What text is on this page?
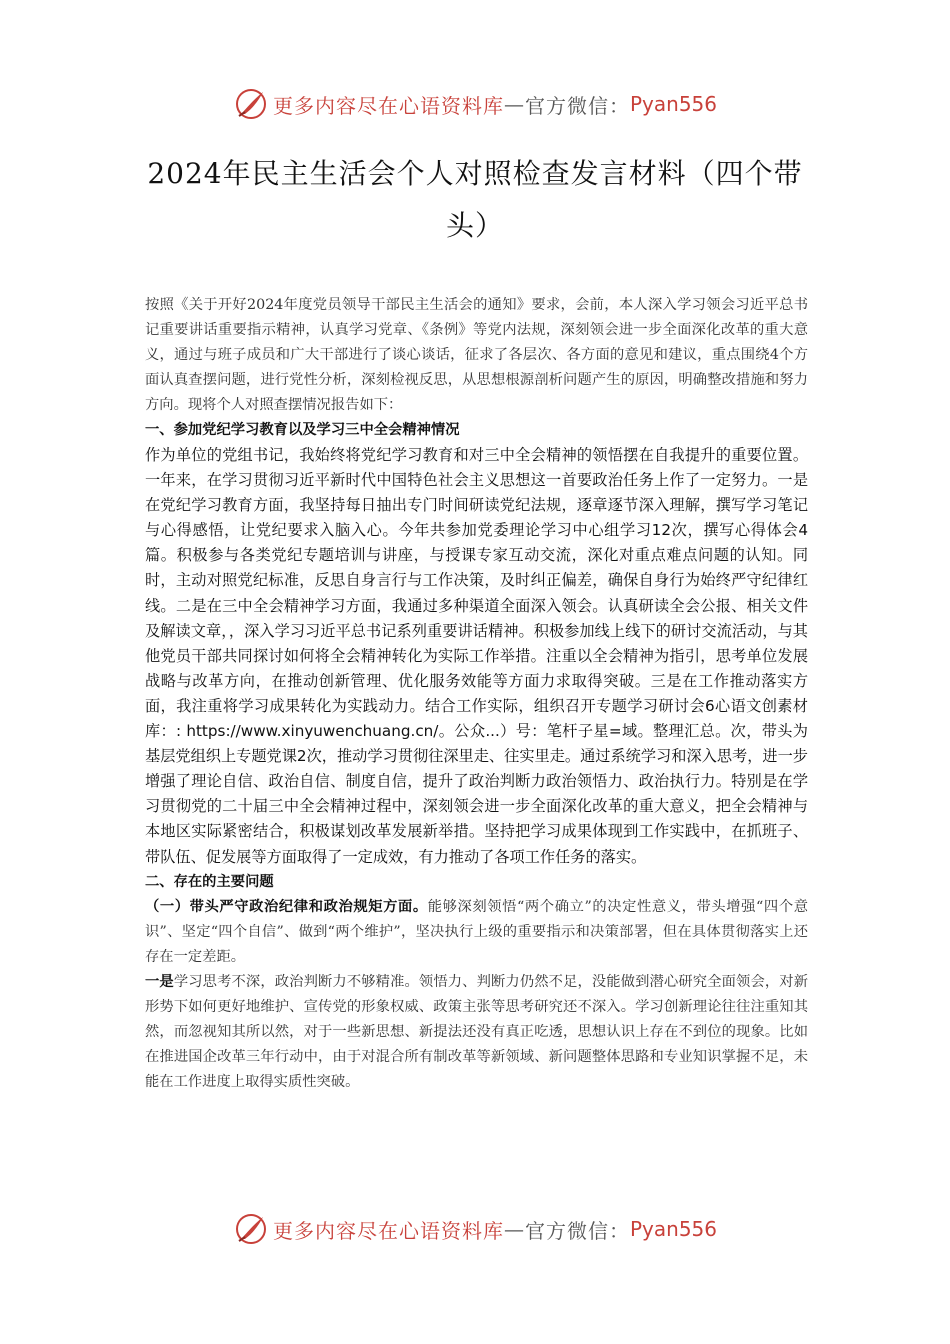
更多内容尽在心语资料库 — 官方微信： Pyan556
2024年民主生活会个人对照检查发言材料（四个带头）

按照《关于开好2024年度党员领导干部民主生活会的通知》要求，会前，本人深入学习领会习近平总书记重要讲话重要指示精神，认真学习党章、《条例》等党内法规，深刻领会进一步全面深化改革的重大意义，通过与班子成员和广大干部进行了谈心谈话，征求了各层次、各方面的意见和建议，重点围绕4个方面认真查摆问题，进行党性分析，深刻检视反思，从思想根源剖析问题产生的原因，明确整改措施和努力方向。现将个人对照查摆情况报告如下：

一、参加党纪学习教育以及学习三中全会精神情况

作为单位的党组书记，我始终将党纪学习教育和对三中全会精神的领悟摆在自我提升的重要位置。一年来，在学习贯彻习近平新时代中国特色社会主义思想这一首要政治任务上作了一定努力。一是在党纪学习教育方面，我坚持每日抽出专门时间研读党纪法规，逐章逐节深入理解，撰写学习笔记与心得感悟，让党纪要求入脑入心。今年共参加党委理论学习中心组学习12次，撰写心得体会4篇。积极参与各类党纪专题培训与讲座，与授课专家互动交流，深化对重点难点问题的认知。同时，主动对照党纪标准，反思自身言行与工作决策，及时纠正偏差，确保自身行为始终严守纪律红线。二是在三中全会精神学习方面，我通过多种渠道全面深入领会。认真研读全会公报、相关文件及解读文章，，深入学习习近平总书记系列重要讲话精神。积极参加线上线下的研讨交流活动，与其他党员干部共同探讨如何将全会精神转化为实际工作举措。注重以全会精神为指引，思考单位发展战略与改革方向，在推动创新管理、优化服务效能等方面力求取得突破。三是在工作推动落实方面，我注重将学习成果转化为实践动力。结合工作实际，组织召开专题学习研讨会6心语文创素材库：: https://www.xinyuwenchuang.cn/。公众...）号：笔杆子星=域。整理汇总。次，带头为基层党组织上专题党课2次，推动学习贯彻往深里走、往实里走。通过系统学习和深入思考，进一步增强了理论自信、政治自信、制度自信，提升了政治判断力政治领悟力、政治执行力。特别是在学习贯彻党的二十届三中全会精神过程中，深刻领会进一步全面深化改革的重大意义，把全会精神与本地区实际紧密结合，积极谋划改革发展新举措。坚持把学习成果体现到工作实践中，在抓班子、带队伍、促发展等方面取得了一定成效，有力推动了各项工作任务的落实。

二、存在的主要问题

（一）带头严守政治纪律和政治规矩方面。能够深刻领悟“两个确立”的决定性意义，带头增强“四个意识”、坚定“四个自信”、做到“两个维护”，坚决执行上级的重要指示和决策部署，但在具体贯彻落实上还存在一定差距。

一是学习思考不深，政治判断力不够精准。领悟力、判断力仍然不足，没能做到潜心研究全面领会，对新形势下如何更好地维护、宣传党的形象权威、政策主张等思考研究还不深入。学习创新理论往往注重知其然，而忽视知其所以然，对于一些新思想、新提法还没有真正吃透，思想认识上存在不到位的现象。比如在推进国企改革三年行动中，由于对混合所有制改革等新领域、新问题整体思路和专业知识掌握不足，未能在工作进度上取得实质性突破。

更多内容尽在心语资料库 — 官方微信： Pyan556
